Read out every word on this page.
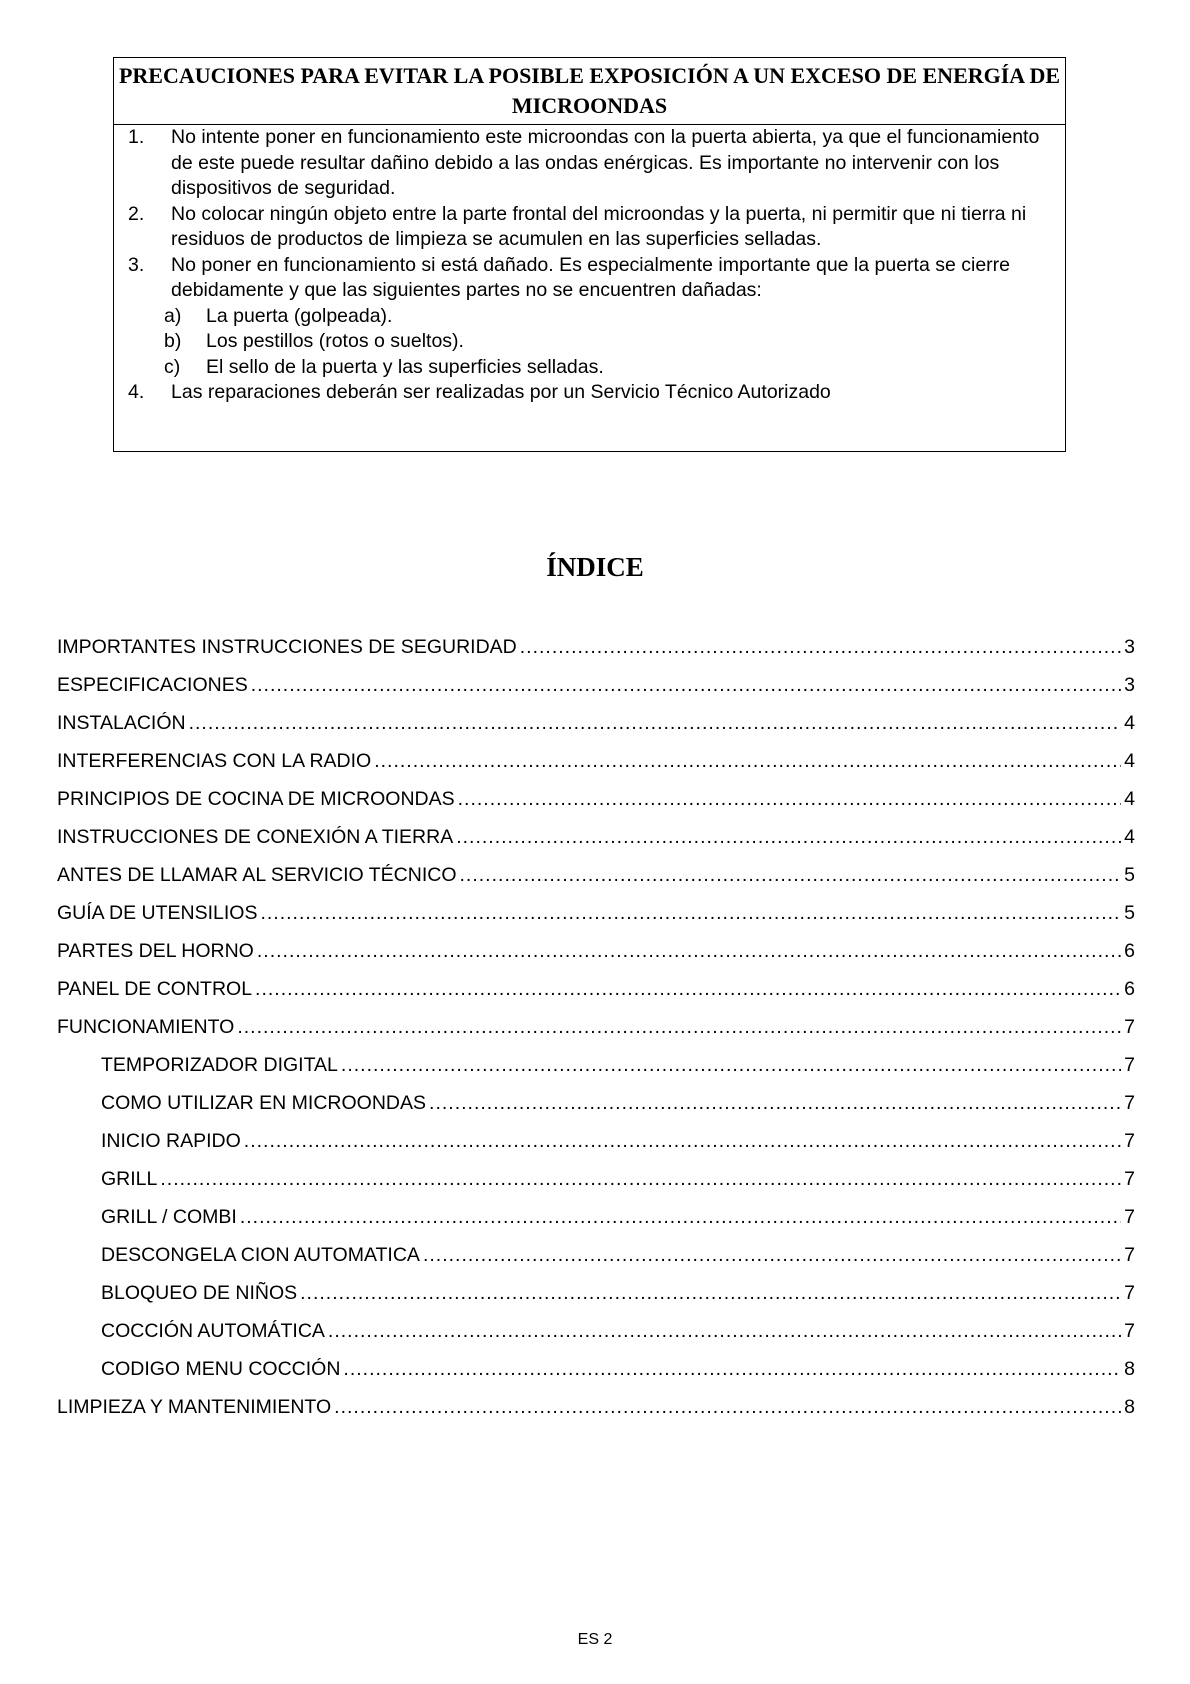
PRECAUCIONES PARA EVITAR LA POSIBLE EXPOSICIÓN A UN EXCESO DE ENERGÍA DE MICROONDAS
1. No intente poner en funcionamiento este microondas con la puerta abierta, ya que el funcionamiento de este puede resultar dañino debido a las ondas enérgicas. Es importante no intervenir con los dispositivos de seguridad.
2. No colocar ningún objeto entre la parte frontal del microondas y la puerta, ni permitir que ni tierra ni residuos de productos de limpieza se acumulen en las superficies selladas.
3. No poner en funcionamiento si está dañado. Es especialmente importante que la puerta se cierre debidamente y que las siguientes partes no se encuentren dañadas:
a) La puerta (golpeada).
b) Los pestillos (rotos o sueltos).
c) El sello de la puerta y las superficies selladas.
4. Las reparaciones deberán ser realizadas por un Servicio Técnico Autorizado
ÍNDICE
IMPORTANTES INSTRUCCIONES DE SEGURIDAD .....	3
ESPECIFICACIONES .....	3
INSTALACIÓN .....	4
INTERFERENCIAS CON LA RADIO .....	4
PRINCIPIOS DE COCINA DE MICROONDAS .....	4
INSTRUCCIONES DE CONEXIÓN A TIERRA .....	4
ANTES DE LLAMAR AL SERVICIO TÉCNICO .....	5
GUÍA DE UTENSILIOS .....	5
PARTES DEL HORNO .....	6
PANEL DE CONTROL .....	6
FUNCIONAMIENTO .....	7
TEMPORIZADOR DIGITAL .....	7
COMO UTILIZAR EN MICROONDAS .....	7
INICIO RAPIDO .....	7
GRILL .....	7
GRILL / COMBI .....	7
DESCONGELA CION AUTOMATICA .....	7
BLOQUEO DE NIÑOS .....	7
COCCIÓN AUTOMÁTICA .....	7
CODIGO MENU COCCIÓN .....	8
LIMPIEZA Y MANTENIMIENTO .....	8
ES 2
